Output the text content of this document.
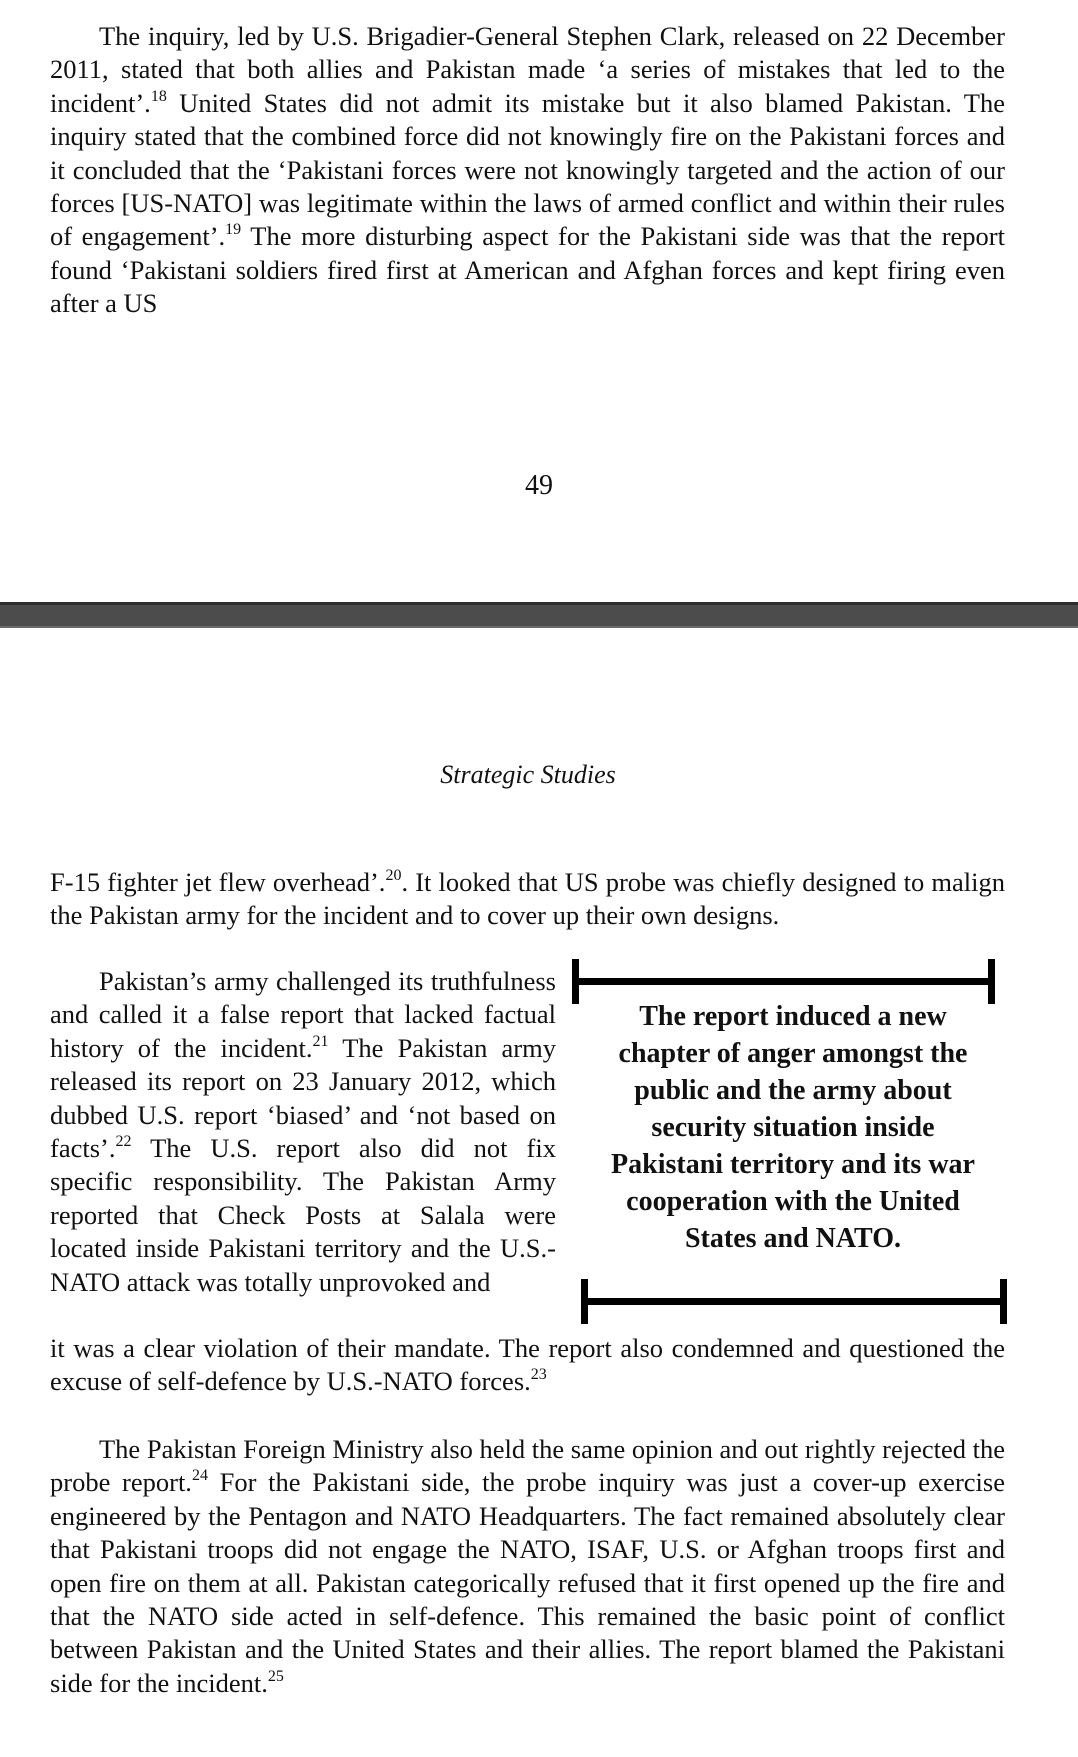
The inquiry, led by U.S. Brigadier-General Stephen Clark, released on 22 December 2011, stated that both allies and Pakistan made ‘a series of mistakes that led to the incident’.$^{18}$ United States did not admit its mistake but it also blamed Pakistan. The inquiry stated that the combined force did not knowingly fire on the Pakistani forces and it concluded that the ‘Pakistani forces were not knowingly targeted and the action of our forces [US-NATO] was legitimate within the laws of armed conflict and within their rules of engagement’.$^{19}$ The more disturbing aspect for the Pakistani side was that the report found ‘Pakistani soldiers fired first at American and Afghan forces and kept firing even after a US

49
Strategic Studies

F-15 fighter jet flew overhead’.$^{20}$. It looked that US probe was chiefly designed to malign the Pakistan army for the incident and to cover up their own designs.

Pakistan’s army challenged its truthfulness and called it a false report that lacked factual history of the incident.$^{21}$ The Pakistan army released its report on 23 January 2012, which dubbed U.S. report ‘biased’ and ‘not based on facts’.$^{22}$ The U.S. report also did not fix specific responsibility. The Pakistan Army reported that Check Posts at Salala were located inside Pakistani territory and the U.S.-NATO attack was totally unprovoked and

The report induced a new chapter of anger amongst the public and the army about security situation inside Pakistani territory and its war cooperation with the United States and NATO.

it was a clear violation of their mandate. The report also condemned and questioned the excuse of self-defence by U.S.-NATO forces.$^{23}$

The Pakistan Foreign Ministry also held the same opinion and out rightly rejected the probe report.$^{24}$ For the Pakistani side, the probe inquiry was just a cover-up exercise engineered by the Pentagon and NATO Headquarters. The fact remained absolutely clear that Pakistani troops did not engage the NATO, ISAF, U.S. or Afghan troops first and open fire on them at all. Pakistan categorically refused that it first opened up the fire and that the NATO side acted in self-defence. This remained the basic point of conflict between Pakistan and the United States and their allies. The report blamed the Pakistani side for the incident.$^{25}$
